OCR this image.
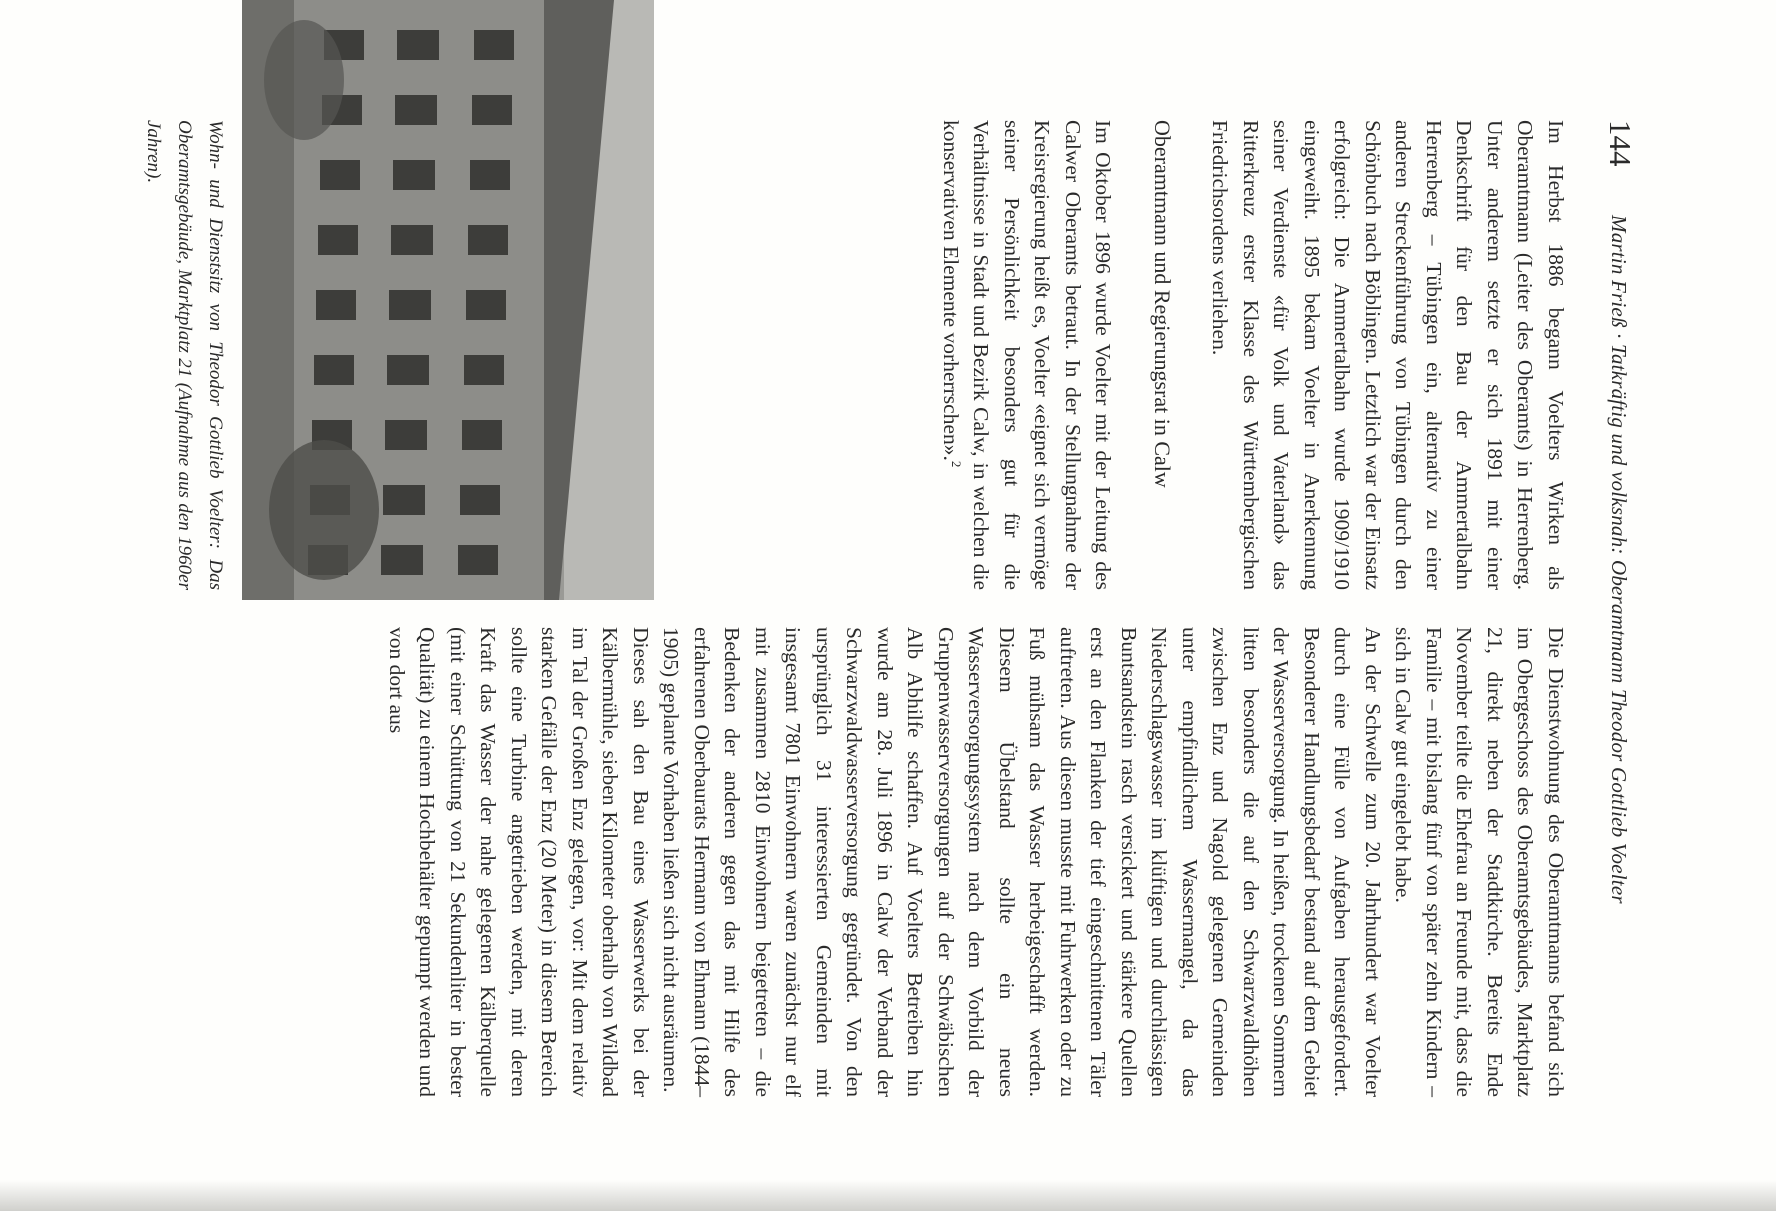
144
Martin Frieß · Tatkräftig und volksnah: Oberamtmann Theodor Gottlieb Voelter

Im Herbst 1886 begann Voelters Wirken als Oberamtmann (Leiter des Oberamts) in Herrenberg. Unter anderem setzte er sich 1891 mit einer Denkschrift für den Bau der Ammertalbahn Herrenberg – Tübingen ein, alternativ zu einer anderen Streckenführung von Tübingen durch den Schönbuch nach Böblingen. Letztlich war der Einsatz erfolgreich: Die Ammertalbahn wurde 1909/1910 eingeweiht. 1895 bekam Voelter in Anerkennung seiner Verdienste «für Volk und Vaterland» das Ritterkreuz erster Klasse des Württembergischen Friedrichsordens verliehen.

Oberamtmann und Regierungsrat in Calw

Im Oktober 1896 wurde Voelter mit der Leitung des Calwer Oberamts betraut. In der Stellungnahme der Kreisregierung heißt es, Voelter «eignet sich vermöge seiner Persönlichkeit besonders gut für die Verhältnisse in Stadt und Bezirk Calw, in welchen die konservativen Elemente vorherrschen».$^2$

Die Dienstwohnung des Oberamtmanns befand sich im Obergeschoss des Oberamtsgebäudes, Marktplatz 21, direkt neben der Stadtkirche. Bereits Ende November teilte die Ehefrau an Freunde mit, dass die Familie – mit bislang fünf von später zehn Kindern – sich in Calw gut eingelebt habe.

An der Schwelle zum 20. Jahrhundert war Voelter durch eine Fülle von Aufgaben herausgefordert. Besonderer Handlungsbedarf bestand auf dem Gebiet der Wasserversorgung. In heißen, trockenen Sommern litten besonders die auf den Schwarzwaldhöhen zwischen Enz und Nagold gelegenen Gemeinden unter empfindlichem Wassermangel, da das Niederschlagswasser im klüftigen und durchlässigen Buntsandstein rasch versickert und stärkere Quellen erst an den Flanken der tief eingeschnittenen Täler auftreten. Aus diesen musste mit Fuhrwerken oder zu Fuß mühsam das Wasser herbeigeschafft werden. Diesem Übelstand sollte ein neues Wasserversorgungssystem nach dem Vorbild der Gruppenwasserversorgungen auf der Schwäbischen Alb Abhilfe schaffen. Auf Voelters Betreiben hin wurde am 28. Juli 1896 in Calw der Verband der Schwarzwaldwasserversorgung gegründet. Von den ursprünglich 31 interessierten Gemeinden mit insgesamt 7801 Einwohnern waren zunächst nur elf mit zusammen 2810 Einwohnern beigetreten – die Bedenken der anderen gegen das mit Hilfe des erfahrenen Oberbaurats Hermann von Ehmann (1844–1905) geplante Vorhaben ließen sich nicht ausräumen.

Dieses sah den Bau eines Wasserwerks bei der Kälbermühle, sieben Kilometer oberhalb von Wildbad im Tal der Großen Enz gelegen, vor: Mit dem relativ starken Gefälle der Enz (20 Meter) in diesem Bereich sollte eine Turbine angetrieben werden, mit deren Kraft das Wasser der nahe gelegenen Kälberquelle (mit einer Schüttung von 21 Sekundenliter in bester Qualität) zu einem Hochbehälter gepumpt werden und von dort aus

Wohn- und Dienstsitz von Theodor Gottlieb Voelter: Das Oberamtsgebäude, Marktplatz 21 (Aufnahme aus den 1960er Jahren).
